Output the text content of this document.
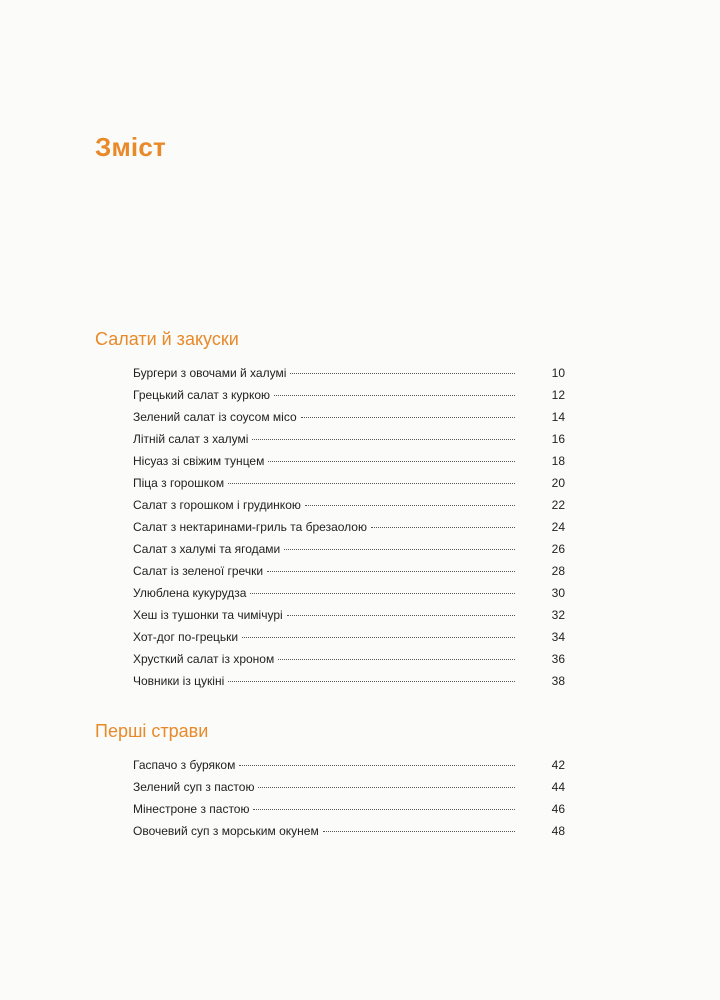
Зміст
Салати й закуски
Бургери з овочами й халумі	10
Грецький салат з куркою	12
Зелений салат із соусом місо	14
Літній салат з халумі	16
Нісуаз зі свіжим тунцем	18
Піца з горошком	20
Салат з горошком і грудинкою	22
Салат з нектаринами-гриль та брезаолою	24
Салат з халумі та ягодами	26
Салат із зеленої гречки	28
Улюблена кукурудза	30
Хеш із тушонки та чимічурі	32
Хот-дог по-грецьки	34
Хрусткий салат із хроном	36
Човники із цукіні	38
Перші страви
Гаспачо з буряком	42
Зелений суп з пастою	44
Мінестроне з пастою	46
Овочевий суп з морським окунем	48
